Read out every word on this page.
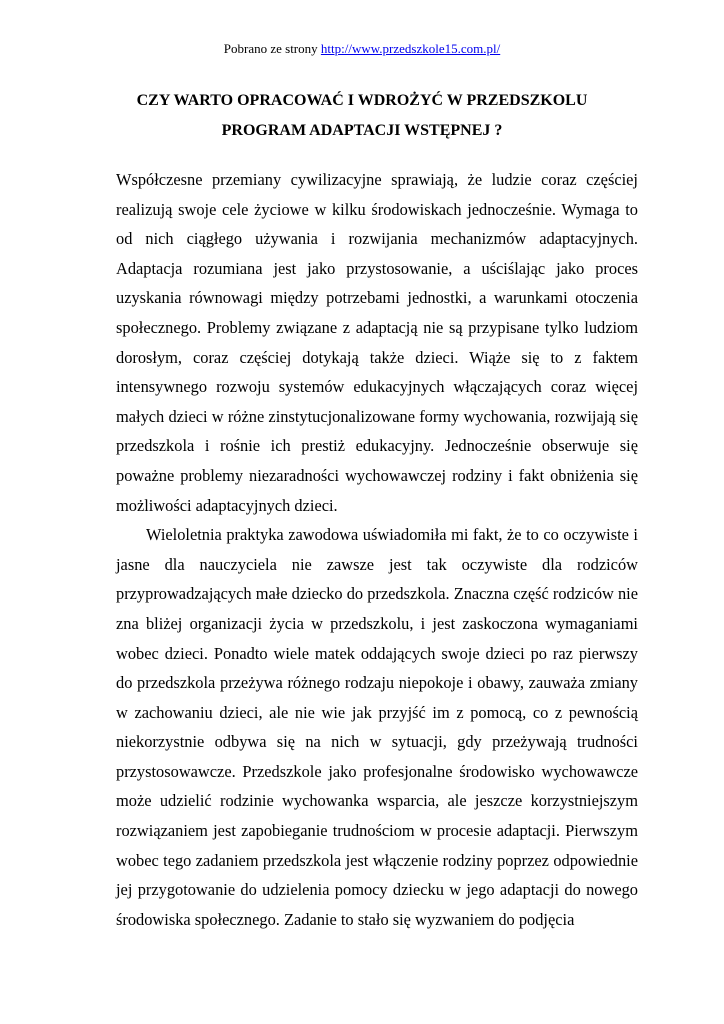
Pobrano ze strony http://www.przedszkole15.com.pl/
CZY WARTO OPRACOWAĆ I WDROŻYĆ W PRZEDSZKOLU
PROGRAM ADAPTACJI WSTĘPNEJ ?

Współczesne przemiany cywilizacyjne sprawiają, że ludzie coraz częściej realizują swoje cele życiowe w kilku środowiskach jednocześnie. Wymaga to od nich ciągłego używania i rozwijania mechanizmów adaptacyjnych. Adaptacja rozumiana jest jako przystosowanie, a uściślając jako proces uzyskania równowagi między potrzebami jednostki, a warunkami otoczenia społecznego. Problemy związane z adaptacją nie są przypisane tylko ludziom dorosłym, coraz częściej dotykają także dzieci. Wiąże się to z faktem intensywnego rozwoju systemów edukacyjnych włączających coraz więcej małych dzieci w różne zinstytucjonalizowane formy wychowania, rozwijają się przedszkola i rośnie ich prestiż edukacyjny. Jednocześnie obserwuje się poważne problemy niezaradności wychowawczej rodziny i fakt obniżenia się możliwości adaptacyjnych dzieci.

Wieloletnia praktyka zawodowa uświadomiła mi fakt, że to co oczywiste i jasne dla nauczyciela nie zawsze jest tak oczywiste dla rodziców przyprowadzających małe dziecko do przedszkola. Znaczna część rodziców nie zna bliżej organizacji życia w przedszkolu, i jest zaskoczona wymaganiami wobec dzieci. Ponadto wiele matek oddających swoje dzieci po raz pierwszy do przedszkola przeżywa różnego rodzaju niepokoje i obawy, zauważa zmiany w zachowaniu dzieci, ale nie wie jak przyjść im z pomocą, co z pewnością niekorzystnie odbywa się na nich w sytuacji, gdy przeżywają trudności przystosowawcze. Przedszkole jako profesjonalne środowisko wychowawcze może udzielić rodzinie wychowanka wsparcia, ale jeszcze korzystniejszym rozwiązaniem jest zapobieganie trudnościom w procesie adaptacji. Pierwszym wobec tego zadaniem przedszkola jest włączenie rodziny poprzez odpowiednie jej przygotowanie do udzielenia pomocy dziecku w jego adaptacji do nowego środowiska społecznego. Zadanie to stało się wyzwaniem do podjęcia
